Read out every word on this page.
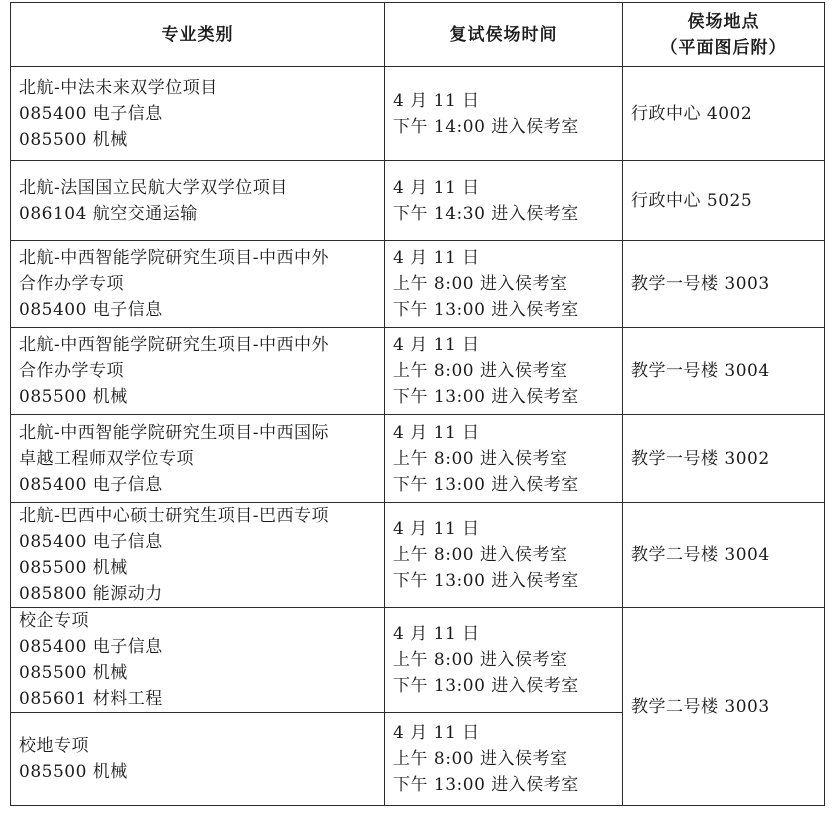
专业类别	复试侯场时间	侯场地点
（平面图后附）

北航-中法未来双学位项目
085400 电子信息
085500 机械	4 月 11 日
下午 14:00 进入侯考室	行政中心 4002

北航-法国国立民航大学双学位项目
086104 航空交通运输	4 月 11 日
下午 14:30 进入侯考室	行政中心 5025

北航-中西智能学院研究生项目-中西中外
合作办学专项
085400 电子信息	4 月 11 日
上午 8:00 进入侯考室
下午 13:00 进入侯考室	教学一号楼 3003

北航-中西智能学院研究生项目-中西中外
合作办学专项
085500 机械	4 月 11 日
上午 8:00 进入侯考室
下午 13:00 进入侯考室	教学一号楼 3004

北航-中西智能学院研究生项目-中西国际
卓越工程师双学位专项
085400 电子信息	4 月 11 日
上午 8:00 进入侯考室
下午 13:00 进入侯考室	教学一号楼 3002

北航-巴西中心硕士研究生项目-巴西专项
085400 电子信息
085500 机械
085800 能源动力	4 月 11 日
上午 8:00 进入侯考室
下午 13:00 进入侯考室	教学二号楼 3004

校企专项
085400 电子信息
085500 机械
085601 材料工程	4 月 11 日
上午 8:00 进入侯考室
下午 13:00 进入侯考室	教学二号楼 3003

校地专项
085500 机械	4 月 11 日
上午 8:00 进入侯考室
下午 13:00 进入侯考室	
